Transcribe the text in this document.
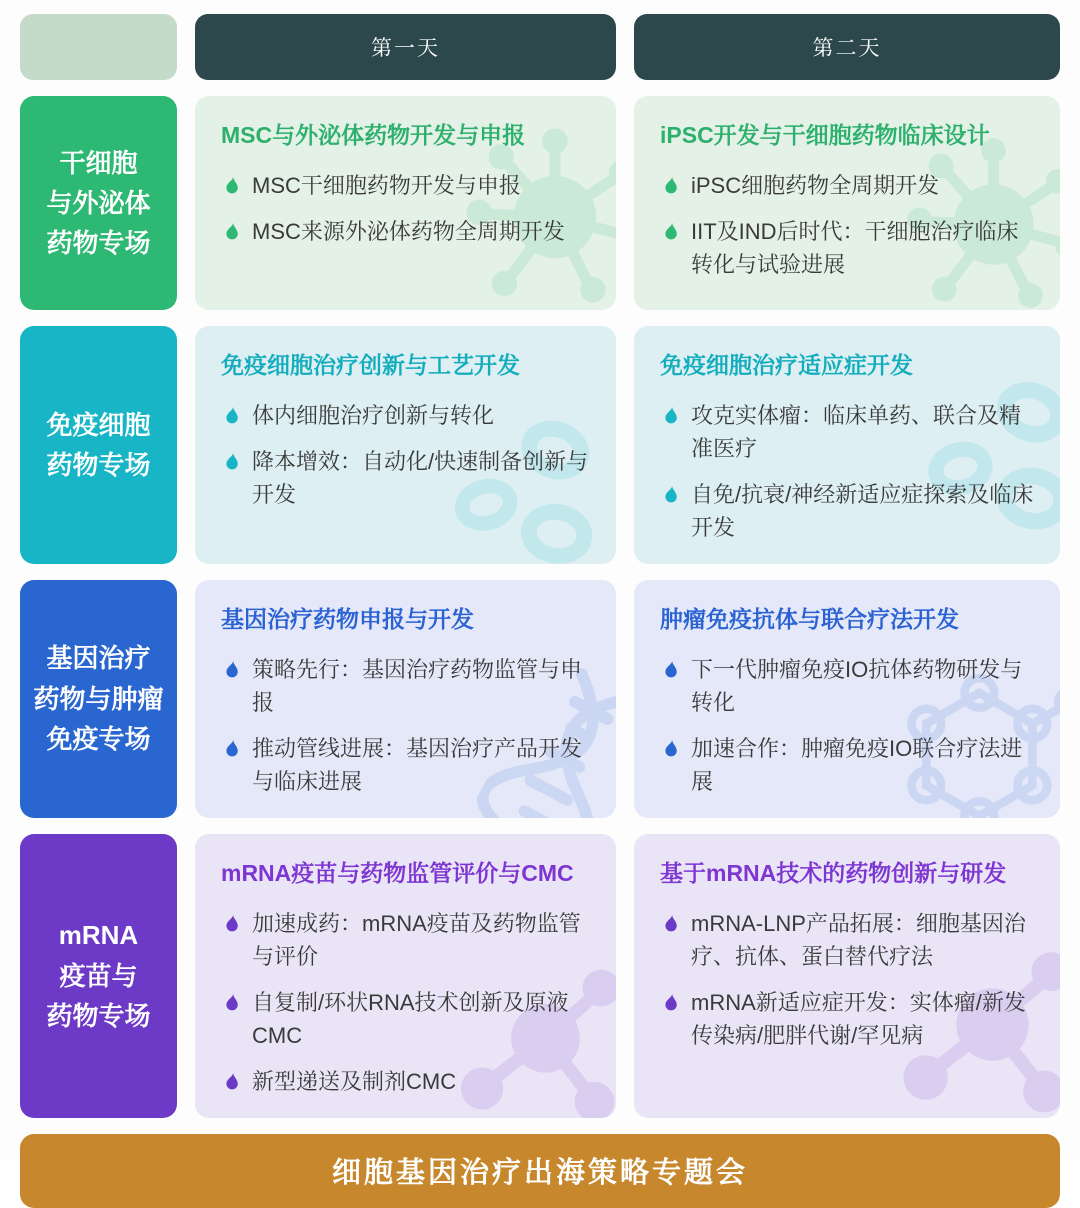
第一天	第二天
干细胞
与外泌体
药物专场
MSC与外泌体药物开发与申报
MSC干细胞药物开发与申报
MSC来源外泌体药物全周期开发
iPSC开发与干细胞药物临床设计
iPSC细胞药物全周期开发
IIT及IND后时代：干细胞治疗临床转化与试验进展
免疫细胞
药物专场
免疫细胞治疗创新与工艺开发
体内细胞治疗创新与转化
降本增效：自动化/快速制备创新与开发
免疫细胞治疗适应症开发
攻克实体瘤：临床单药、联合及精准医疗
自免/抗衰/神经新适应症探索及临床开发
基因治疗
药物与肿瘤
免疫专场
基因治疗药物申报与开发
策略先行：基因治疗药物监管与申报
推动管线进展：基因治疗产品开发与临床进展
肿瘤免疫抗体与联合疗法开发
下一代肿瘤免疫IO抗体药物研发与转化
加速合作：肿瘤免疫IO联合疗法进展
mRNA
疫苗与
药物专场
mRNA疫苗与药物监管评价与CMC
加速成药：mRNA疫苗及药物监管与评价
自复制/环状RNA技术创新及原液CMC
新型递送及制剂CMC
基于mRNA技术的药物创新与研发
mRNA-LNP产品拓展：细胞基因治疗、抗体、蛋白替代疗法
mRNA新适应症开发：实体瘤/新发传染病/肥胖代谢/罕见病
细胞基因治疗出海策略专题会
